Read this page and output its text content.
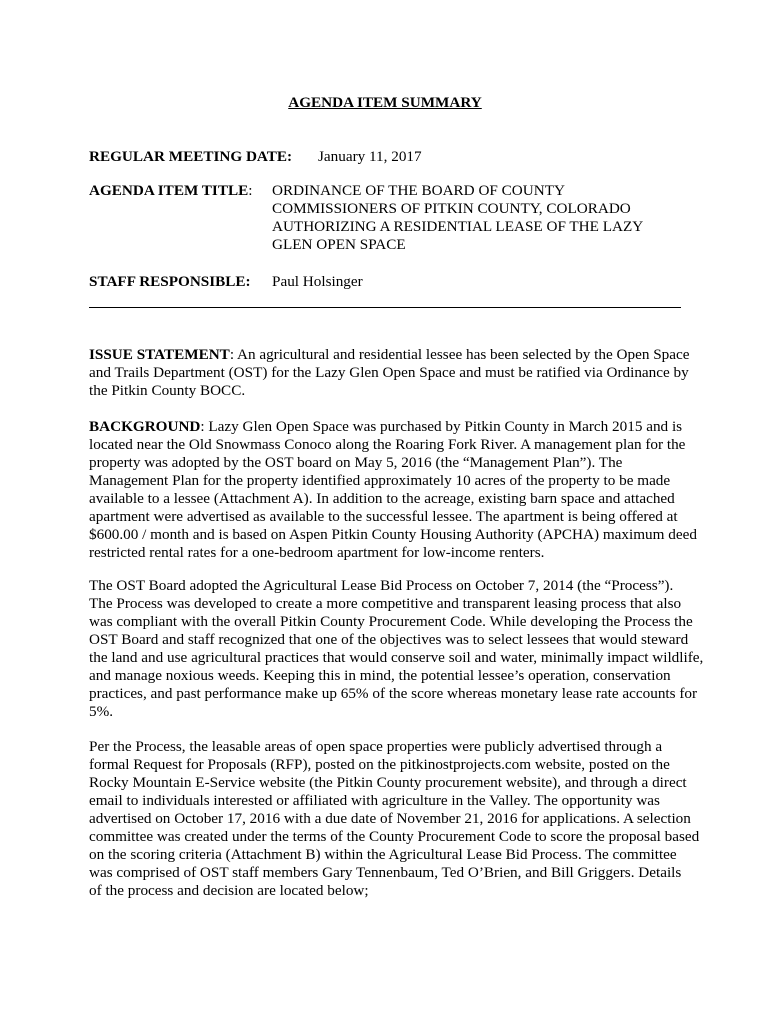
AGENDA ITEM SUMMARY
REGULAR MEETING DATE: January 11, 2017
AGENDA ITEM TITLE: ORDINANCE OF THE BOARD OF COUNTY
COMMISSIONERS OF PITKIN COUNTY, COLORADO
AUTHORIZING A RESIDENTIAL LEASE OF THE LAZY
GLEN OPEN SPACE
STAFF RESPONSIBLE: Paul Holsinger
ISSUE STATEMENT: An agricultural and residential lessee has been selected by the Open Space
and Trails Department (OST) for the Lazy Glen Open Space and must be ratified via Ordinance by
the Pitkin County BOCC.
BACKGROUND: Lazy Glen Open Space was purchased by Pitkin County in March 2015 and is
located near the Old Snowmass Conoco along the Roaring Fork River. A management plan for the
property was adopted by the OST board on May 5, 2016 (the “Management Plan”). The
Management Plan for the property identified approximately 10 acres of the property to be made
available to a lessee (Attachment A). In addition to the acreage, existing barn space and attached
apartment were advertised as available to the successful lessee. The apartment is being offered at
$600.00 / month and is based on Aspen Pitkin County Housing Authority (APCHA) maximum deed
restricted rental rates for a one-bedroom apartment for low-income renters.
The OST Board adopted the Agricultural Lease Bid Process on October 7, 2014 (the “Process”).
The Process was developed to create a more competitive and transparent leasing process that also
was compliant with the overall Pitkin County Procurement Code. While developing the Process the
OST Board and staff recognized that one of the objectives was to select lessees that would steward
the land and use agricultural practices that would conserve soil and water, minimally impact wildlife,
and manage noxious weeds. Keeping this in mind, the potential lessee’s operation, conservation
practices, and past performance make up 65% of the score whereas monetary lease rate accounts for
5%.
Per the Process, the leasable areas of open space properties were publicly advertised through a
formal Request for Proposals (RFP), posted on the pitkinostprojects.com website, posted on the
Rocky Mountain E-Service website (the Pitkin County procurement website), and through a direct
email to individuals interested or affiliated with agriculture in the Valley. The opportunity was
advertised on October 17, 2016 with a due date of November 21, 2016 for applications. A selection
committee was created under the terms of the County Procurement Code to score the proposal based
on the scoring criteria (Attachment B) within the Agricultural Lease Bid Process. The committee
was comprised of OST staff members Gary Tennenbaum, Ted O’Brien, and Bill Griggers. Details
of the process and decision are located below;
